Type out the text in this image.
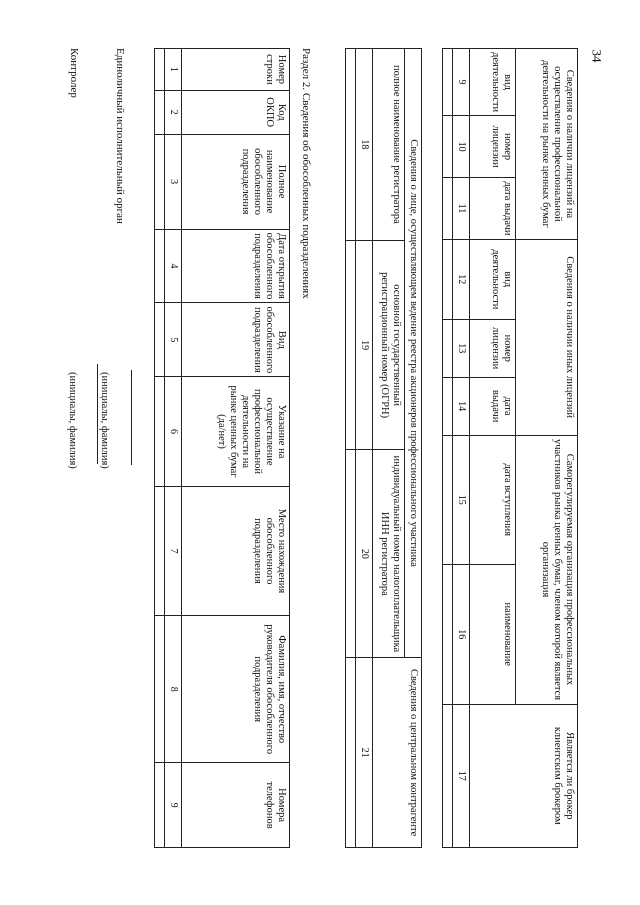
34
Сведения о наличии лицензий на осуществление профессиональной деятельности на рынке ценных бумаг			Сведения о наличии иных лицензий			Саморегулируемая организация профессиональных участников рынка ценных бумаг, членом которой является организация		Является ли брокер клиентским брокером
вид деятельности	номер лицензии	дата выдачи	вид деятельности	номер лицензии	дата выдачи	дата вступления	наименование	
9	10	11	12	13	14	15	16	17

Сведения о лице, осуществляющем ведение реестра акционеров профессионального участника			Сведения о центральном контрагенте
полное наименование регистратора	основной государственный регистрационный номер (ОГРН)	индивидуальный номер налогоплательщика ИНН регистратора	
18	19	20	21

Раздел 2. Сведения об обособленных подразделениях
Номер строки	Код ОКПО	Полное наименование обособленного подразделения	Дата открытия обособленного подразделения	Вид обособленного подразделения	Указание на осуществление профессиональной деятельности на рынке ценных бумаг (да/нет)	Место нахождения обособленного подразделения	Фамилия, имя, отчество руководителя обособленного подразделения	Номера телефонов
1	2	3	4	5	6	7	8	9

Единоличный исполнительный орган
(инициалы, фамилия)
Контролер
(инициалы, фамилия)
